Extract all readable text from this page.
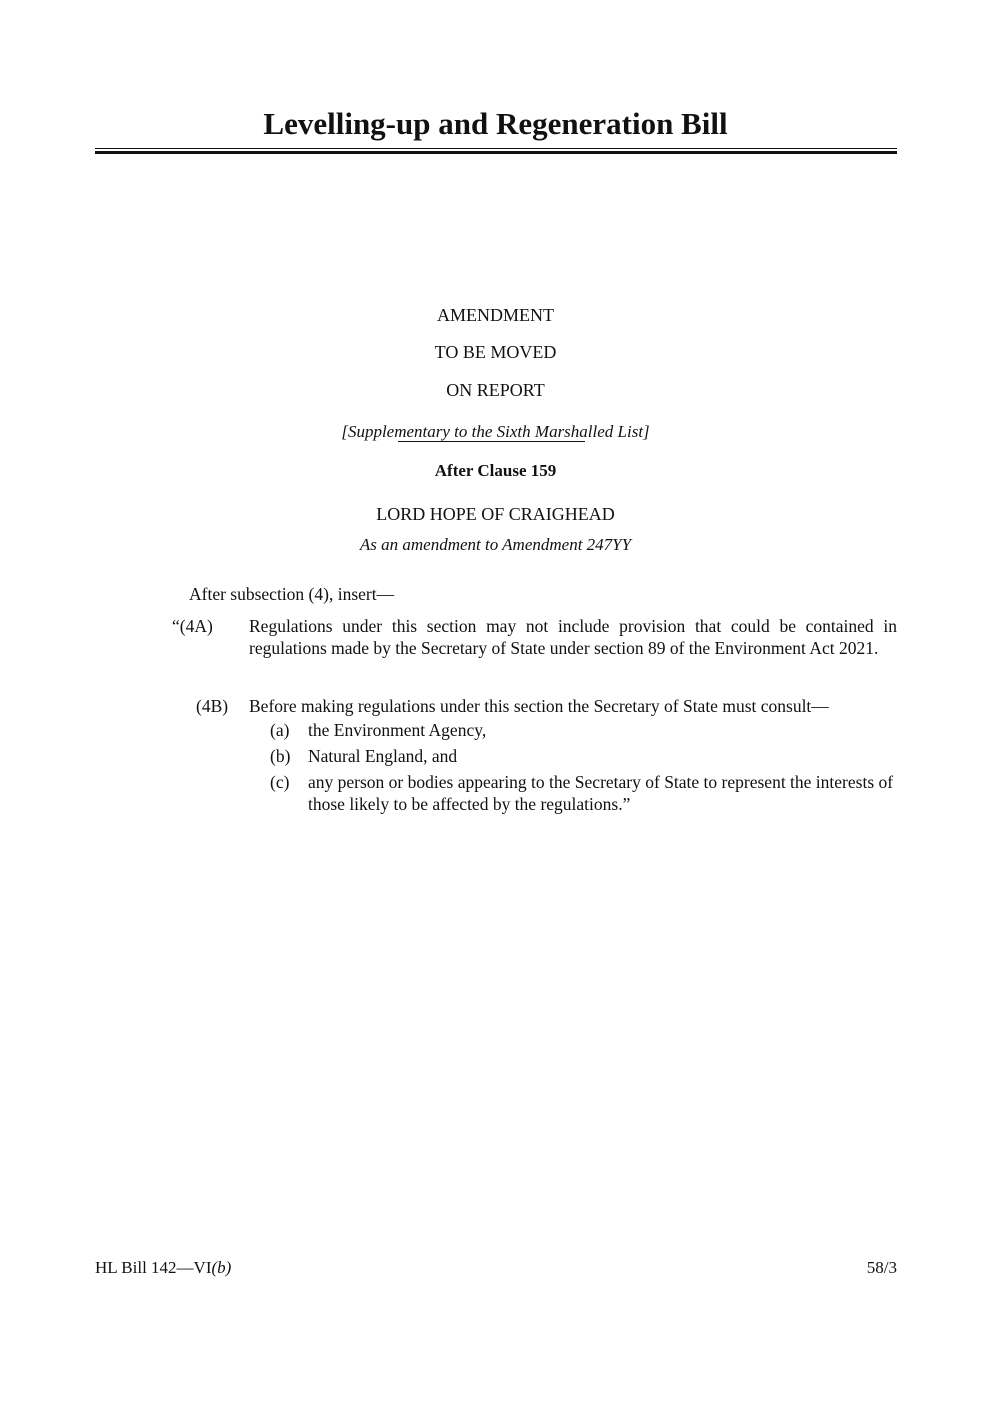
Levelling-up and Regeneration Bill
AMENDMENT
TO BE MOVED
ON REPORT
[Supplementary to the Sixth Marshalled List]
After Clause 159
LORD HOPE OF CRAIGHEAD
As an amendment to Amendment 247YY
After subsection (4), insert—
“(4A) Regulations under this section may not include provision that could be contained in regulations made by the Secretary of State under section 89 of the Environment Act 2021.
(4B) Before making regulations under this section the Secretary of State must consult—
(a) the Environment Agency,
(b) Natural England, and
(c) any person or bodies appearing to the Secretary of State to represent the interests of those likely to be affected by the regulations.”
HL Bill 142—VI(b)	58/3
